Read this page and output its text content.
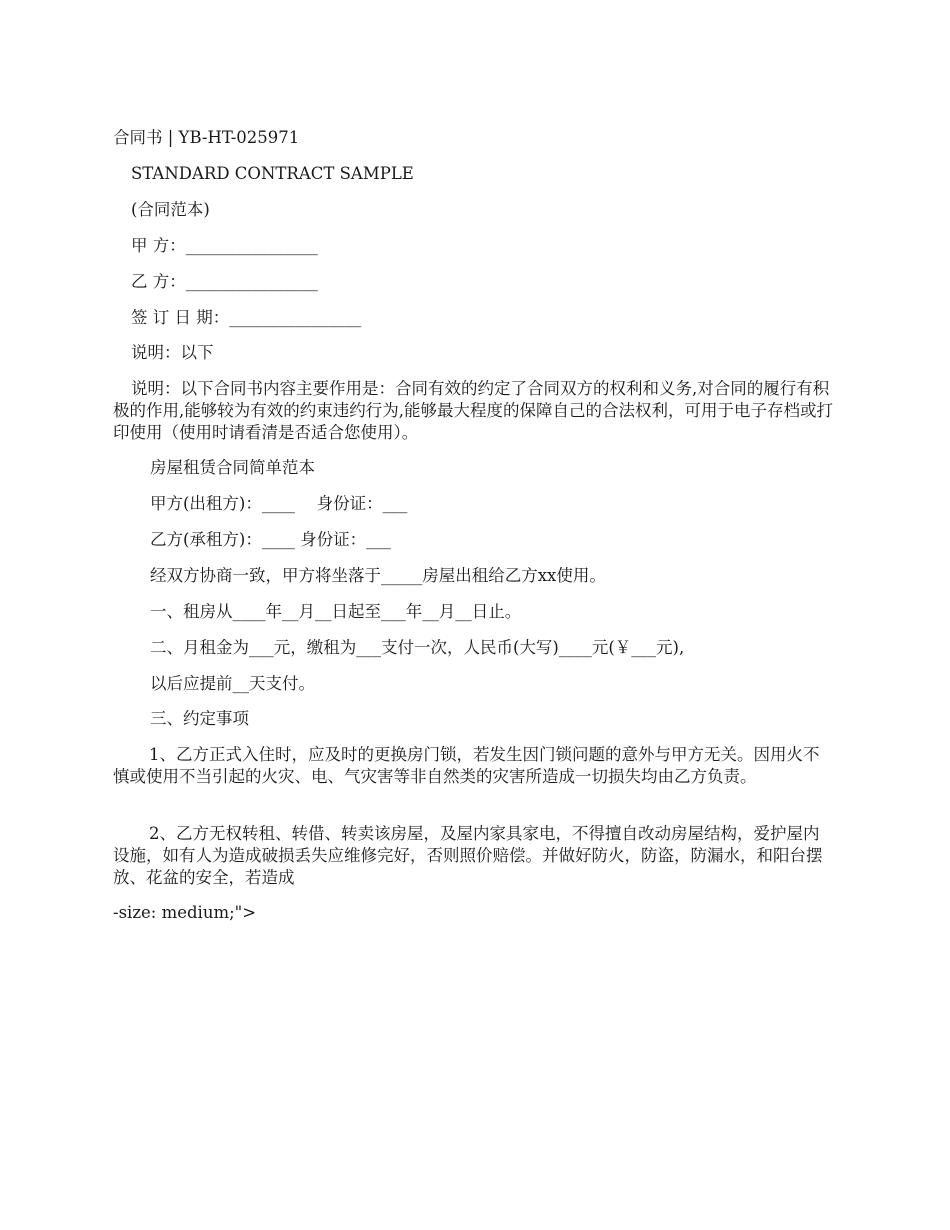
合同书 | YB-HT-025971
STANDARD CONTRACT SAMPLE
(合同范本)
甲 方：________________
乙 方：________________
签 订 日 期：________________
说明：以下
说明：以下合同书内容主要作用是：合同有效的约定了合同双方的权利和义务,对合同的履行有积极的作用,能够较为有效的约束违约行为,能够最大程度的保障自己的合法权利，可用于电子存档或打印使用（使用时请看清是否适合您使用）。
房屋租赁合同简单范本
甲方(出租方)：____　 身份证：___
乙方(承租方)：____ 身份证：___
经双方协商一致，甲方将坐落于_____房屋出租给乙方xx使用。
一、租房从____年__月__日起至___年__月__日止。
二、月租金为___元，缴租为___支付一次，人民币(大写)____元(￥___元),
以后应提前__天支付。
三、约定事项
1、乙方正式入住时，应及时的更换房门锁，若发生因门锁问题的意外与甲方无关。因用火不慎或使用不当引起的火灾、电、气灾害等非自然类的灾害所造成一切损失均由乙方负责。
2、乙方无权转租、转借、转卖该房屋，及屋内家具家电，不得擅自改动房屋结构，爱护屋内设施，如有人为造成破损丢失应维修完好，否则照价赔偿。并做好防火，防盗，防漏水，和阳台摆放、花盆的安全，若造成
-size: medium;">
